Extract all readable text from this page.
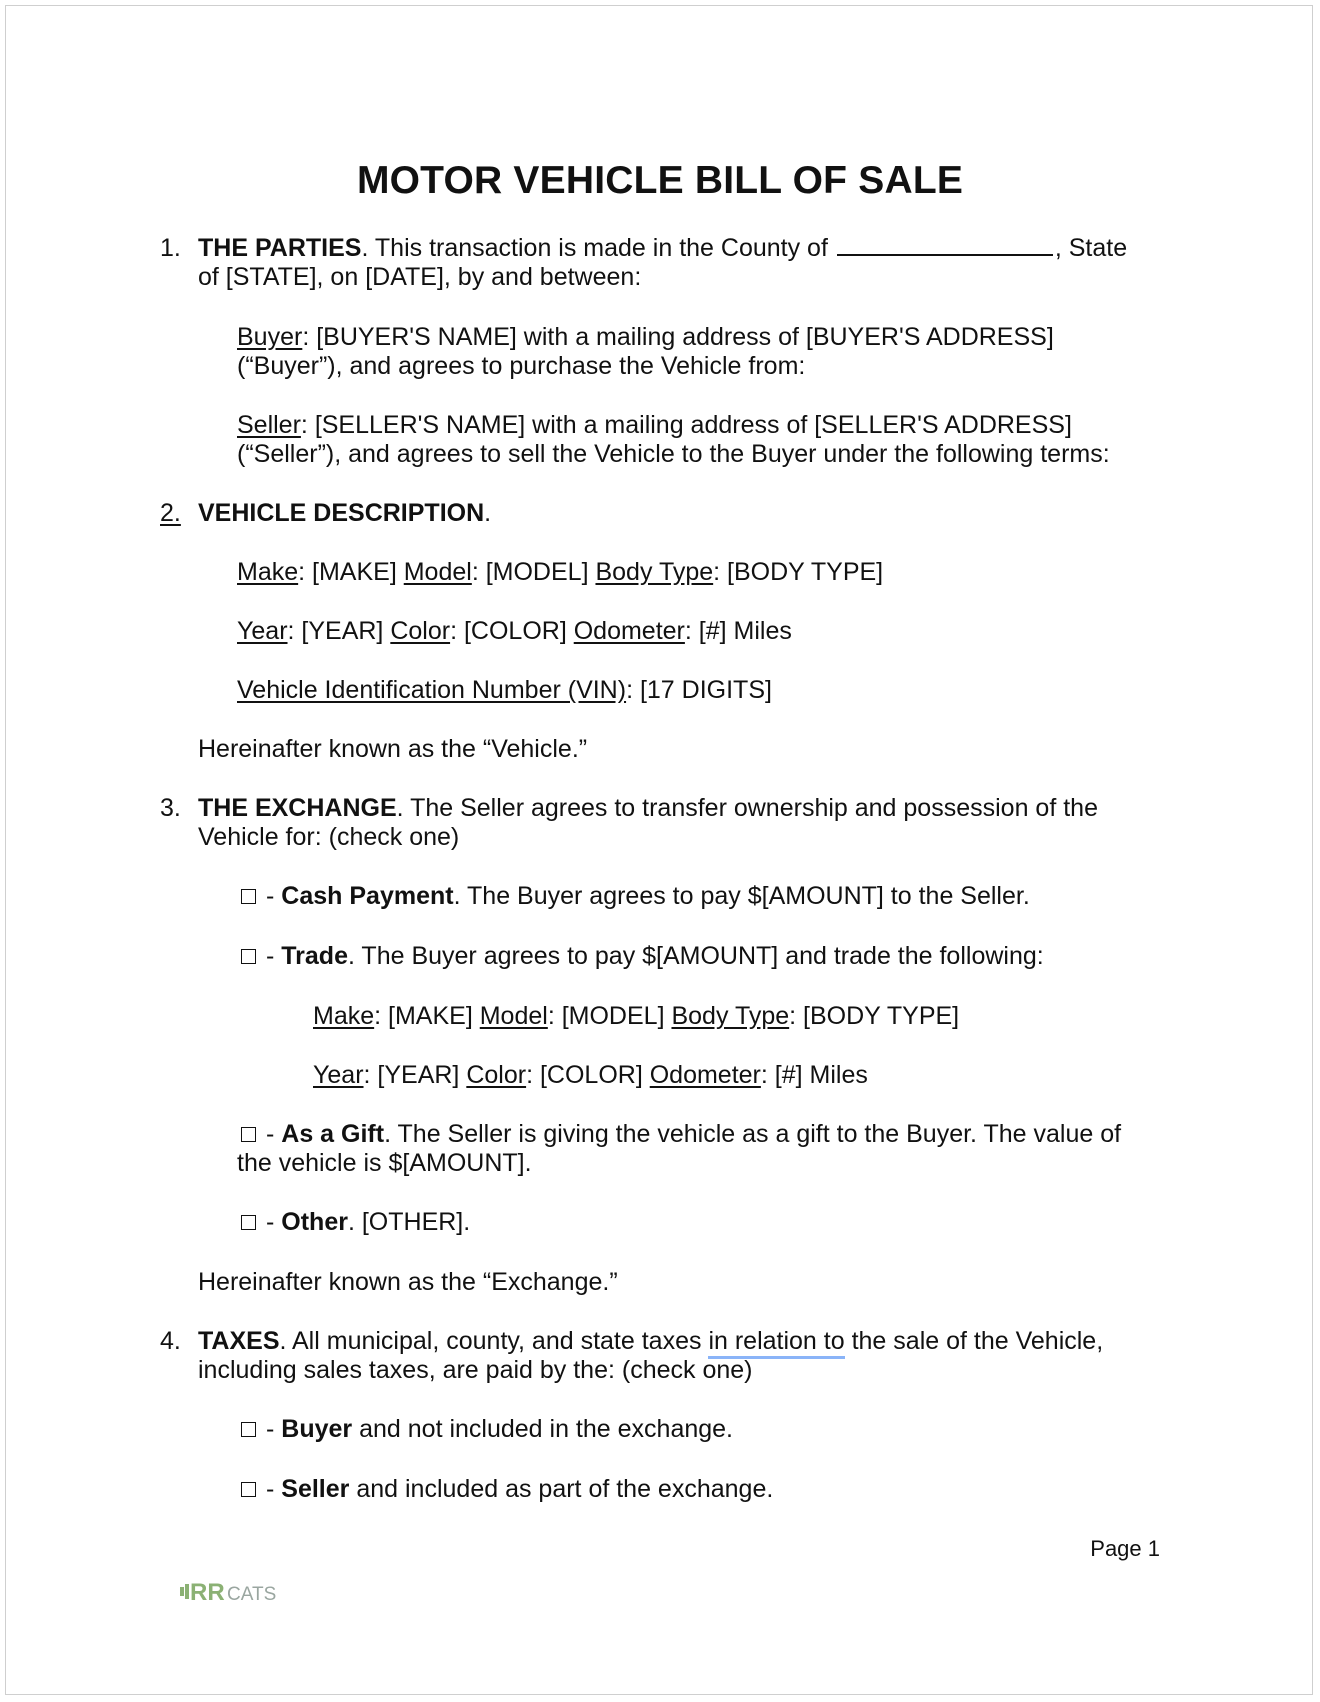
MOTOR VEHICLE BILL OF SALE
1. THE PARTIES. This transaction is made in the County of	, State
of [STATE], on [DATE], by and between:
Buyer: [BUYER'S NAME] with a mailing address of [BUYER'S ADDRESS]
(“Buyer”), and agrees to purchase the Vehicle from:
Seller: [SELLER'S NAME] with a mailing address of [SELLER'S ADDRESS]
(“Seller”), and agrees to sell the Vehicle to the Buyer under the following terms:
2. VEHICLE DESCRIPTION.
Make: [MAKE] Model: [MODEL] Body Type: [BODY TYPE]
Year: [YEAR] Color: [COLOR] Odometer: [#] Miles
Vehicle Identification Number (VIN): [17 DIGITS]
Hereinafter known as the “Vehicle.”
3. THE EXCHANGE. The Seller agrees to transfer ownership and possession of the
Vehicle for: (check one)
- Cash Payment. The Buyer agrees to pay $[AMOUNT] to the Seller.
- Trade. The Buyer agrees to pay $[AMOUNT] and trade the following:
Make: [MAKE] Model: [MODEL] Body Type: [BODY TYPE]
Year: [YEAR] Color: [COLOR] Odometer: [#] Miles
- As a Gift. The Seller is giving the vehicle as a gift to the Buyer. The value of
the vehicle is $[AMOUNT].
- Other. [OTHER].
Hereinafter known as the “Exchange.”
4. TAXES. All municipal, county, and state taxes in relation to the sale of the Vehicle,
including sales taxes, are paid by the: (check one)
- Buyer and not included in the exchange.
- Seller and included as part of the exchange.
Page 1
RR CATS
